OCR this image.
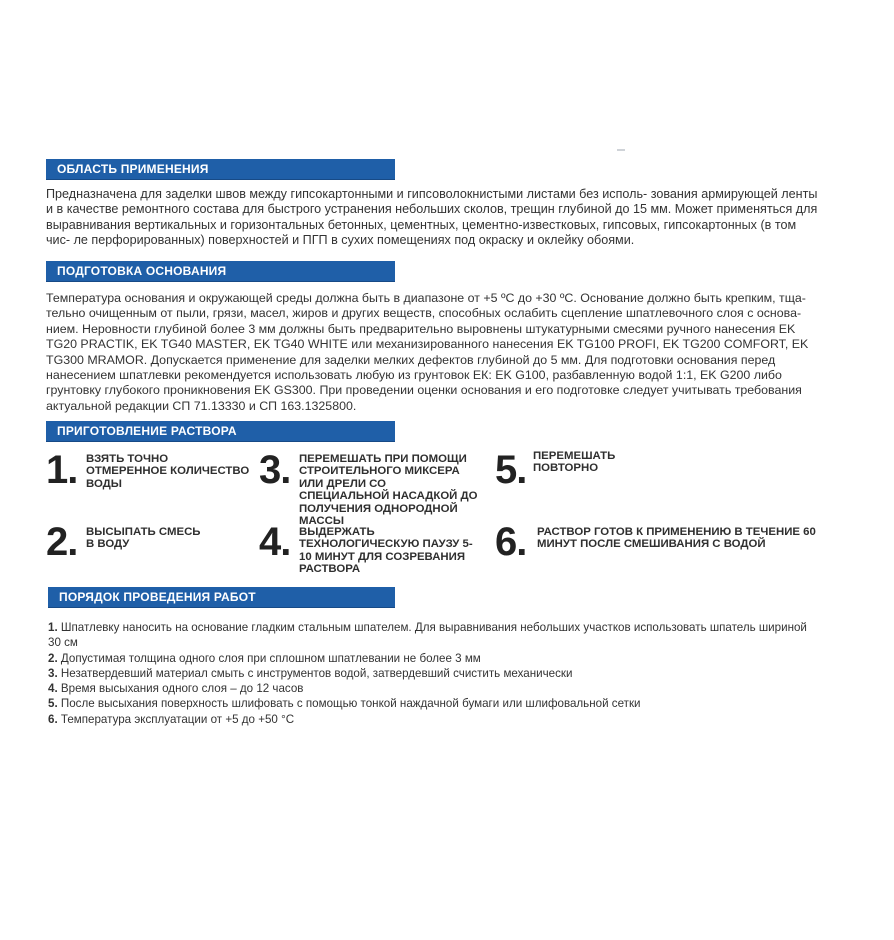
ОБЛАСТЬ ПРИМЕНЕНИЯ
Предназначена для заделки швов между гипсокартонными и гипсоволокнистыми листами без исполь- зования армирующей ленты и в качестве ремонтного состава для быстрого устранения небольших сколов, трещин глубиной до 15 мм. Может применяться для выравнивания вертикальных и горизонтальных бетонных, цементных, цементно-известковых, гипсовых, гипсокартонных (в том чис- ле перфорированных) поверхностей и ПГП в сухих помещениях под окраску и оклейку обоями.
ПОДГОТОВКА ОСНОВАНИЯ
Температура основания и окружающей среды должна быть в диапазоне от +5 ºС до +30 ºС. Основание должно быть крепким, тща- тельно очищенным от пыли, грязи, масел, жиров и других веществ, способных ослабить сцепление шпатлевочного слоя с основа- нием. Неровности глубиной более 3 мм должны быть предварительно выровнены штукатурными смесями ручного нанесения EK TG20 PRACTIK, EK TG40 MASTER, EK TG40 WHITE или механизированного нанесения EK TG100 PROFI, EK TG200 COMFORT, EK TG300 MRAMOR. Допускается применение для заделки мелких дефектов глубиной до 5 мм. Для подготовки основания перед нанесением шпатлевки рекомендуется использовать любую из грунтовок ЕК: EK G100, разбавленную водой 1:1, EK G200 либо грунтовку глубокого проникновения EK GS300. При проведении оценки основания и его подготовке следует учитывать требования актуальной редакции СП 71.13330 и СП 163.1325800.
ПРИГОТОВЛЕНИЕ РАСТВОРА
1. ВЗЯТЬ ТОЧНО ОТМЕРЕННОЕ КОЛИЧЕСТВО ВОДЫ
2. ВЫСЫПАТЬ СМЕСЬ В ВОДУ
3. ПЕРЕМЕШАТЬ ПРИ ПОМОЩИ СТРОИТЕЛЬНОГО МИКСЕРА ИЛИ ДРЕЛИ СО СПЕЦИАЛЬНОЙ НАСАДКОЙ ДО ПОЛУЧЕНИЯ ОДНОРОДНОЙ МАССЫ
4. ВЫДЕРЖАТЬ ТЕХНОЛОГИЧЕСКУЮ ПАУЗУ 5-10 МИНУТ ДЛЯ СОЗРЕВАНИЯ РАСТВОРА
5. ПЕРЕМЕШАТЬ ПОВТОРНО
6. РАСТВОР ГОТОВ К ПРИМЕНЕНИЮ В ТЕЧЕНИЕ 60 МИНУТ ПОСЛЕ СМЕШИВАНИЯ С ВОДОЙ
ПОРЯДОК ПРОВЕДЕНИЯ РАБОТ
1. Шпатлевку наносить на основание гладким стальным шпателем. Для выравнивания небольших участков использовать шпатель шириной 30 см
2. Допустимая толщина одного слоя при сплошном шпатлевании не более 3 мм
3. Незатвердевший материал смыть с инструментов водой, затвердевший счистить механически
4. Время высыхания одного слоя – до 12 часов
5. После высыхания поверхность шлифовать с помощью тонкой наждачной бумаги или шлифовальной сетки
6. Температура эксплуатации от +5 до +50 °С
